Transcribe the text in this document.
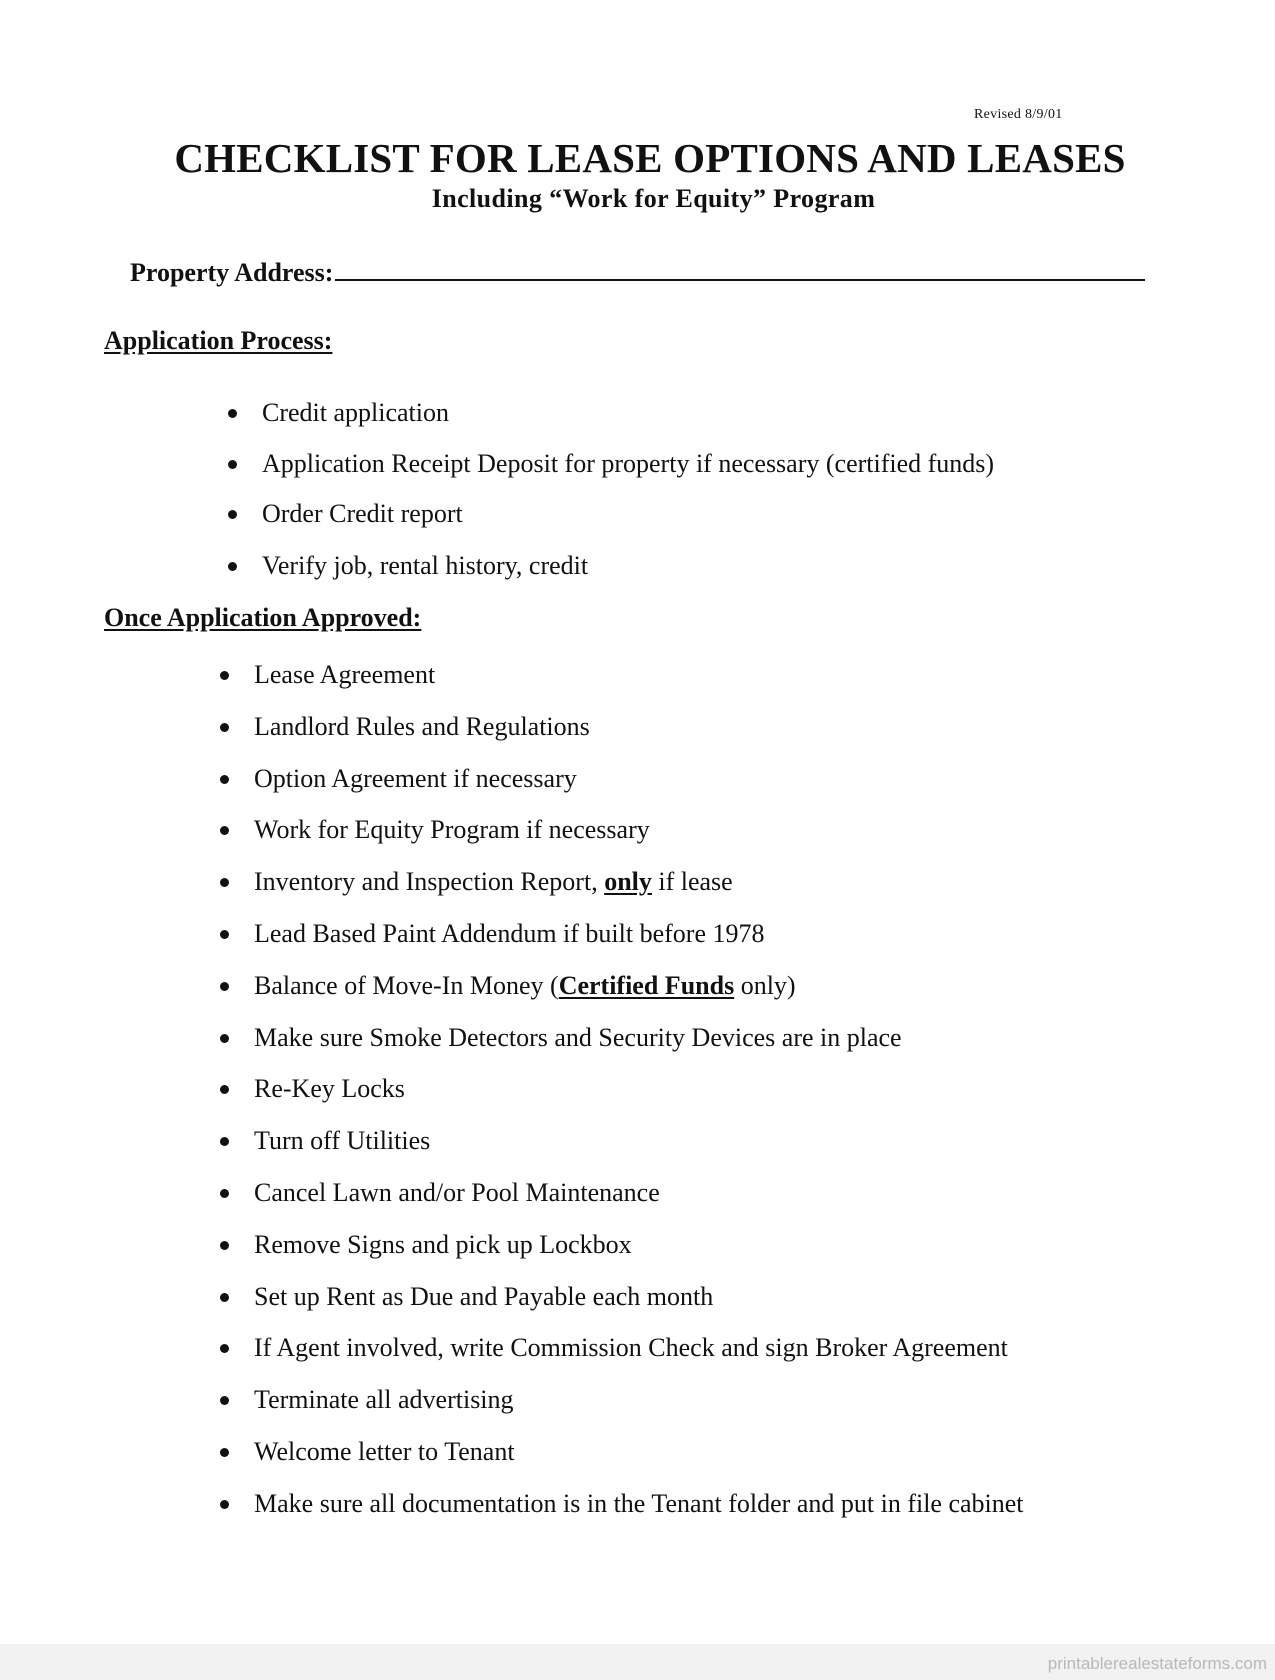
Revised 8/9/01
CHECKLIST FOR LEASE OPTIONS AND LEASES
Including “Work for Equity” Program
Property Address:
Application Process:
Credit application
Application Receipt Deposit for property if necessary (certified funds)
Order Credit report
Verify job, rental history, credit
Once Application Approved:
Lease Agreement
Landlord Rules and Regulations
Option Agreement if necessary
Work for Equity Program if necessary
Inventory and Inspection Report, only if lease
Lead Based Paint Addendum if built before 1978
Balance of Move-In Money (Certified Funds only)
Make sure Smoke Detectors and Security Devices are in place
Re-Key Locks
Turn off Utilities
Cancel Lawn and/or Pool Maintenance
Remove Signs and pick up Lockbox
Set up Rent as Due and Payable each month
If Agent involved, write Commission Check and sign Broker Agreement
Terminate all advertising
Welcome letter to Tenant
Make sure all documentation is in the Tenant folder and put in file cabinet
printablerealestateforms.com
